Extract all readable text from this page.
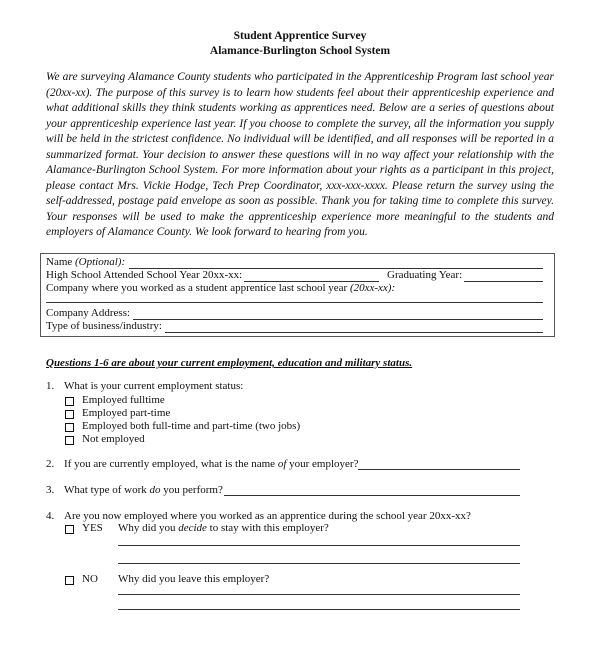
Student Apprentice Survey
Alamance-Burlington School System
We are surveying Alamance County students who participated in the Apprenticeship Program last school year (20xx-xx). The purpose of this survey is to learn how students feel about their apprenticeship experience and what additional skills they think students working as apprentices need. Below are a series of questions about your apprenticeship experience last year. If you choose to complete the survey, all the information you supply will be held in the strictest confidence. No individual will be identified, and all responses will be reported in a summarized format. Your decision to answer these questions will in no way affect your relationship with the Alamance-Burlington School System. For more information about your rights as a participant in this project, please contact Mrs. Vickie Hodge, Tech Prep Coordinator, xxx-xxx-xxxx. Please return the survey using the self-addressed, postage paid envelope as soon as possible. Thank you for taking time to complete this survey. Your responses will be used to make the apprenticeship experience more meaningful to the students and employers of Alamance County. We look forward to hearing from you.
Name (Optional):
High School Attended School Year 20xx-xx:	Graduating Year:
Company where you worked as a student apprentice last school year (20xx-xx):
Company Address:
Type of business/industry:
Questions 1-6 are about your current employment, education and military status.
1. What is your current employment status:
Employed fulltime
Employed part-time
Employed both full-time and part-time (two jobs)
Not employed
2. If you are currently employed, what is the name of your employer?
3. What type of work do you perform?
4. Are you now employed where you worked as an apprentice during the school year 20xx-xx?
YES Why did you decide to stay with this employer?
NO Why did you leave this employer?
